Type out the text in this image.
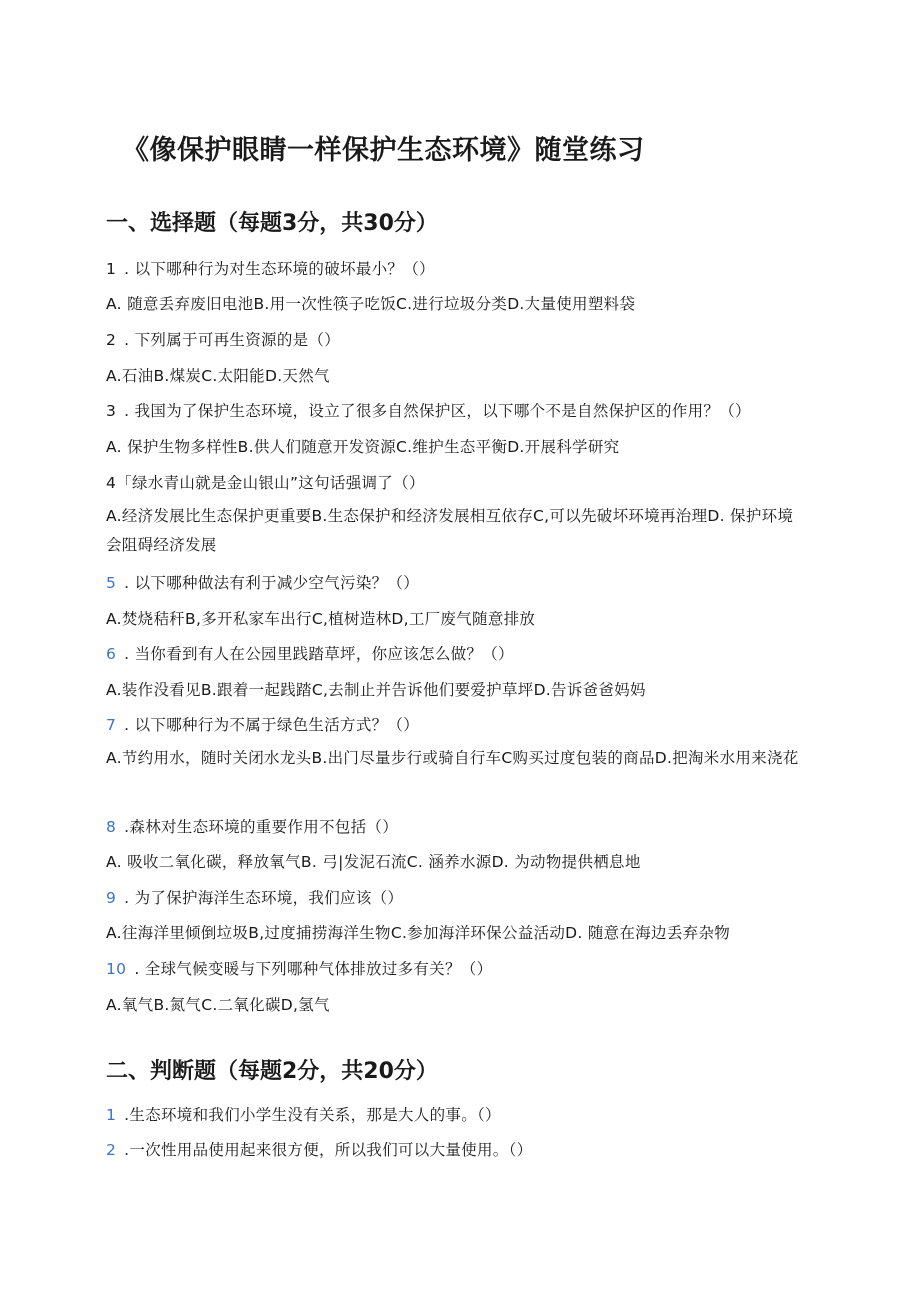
《像保护眼睛一样保护生态环境》随堂练习
一、选择题（每题3分，共30分）
1 . 以下哪种行为对生态环境的破坏最小？（）
A. 随意丢弃废旧电池B.用一次性筷子吃饭C.进行垃圾分类D.大量使用塑料袋
2 . 下列属于可再生资源的是（）
A.石油B.煤炭C.太阳能D.天然气
3 . 我国为了保护生态环境，设立了很多自然保护区，以下哪个不是自然保护区的作用？（）
A. 保护生物多样性B.供人们随意开发资源C.维护生态平衡D.开展科学研究
4「绿水青山就是金山银山”这句话强调了（）
A.经济发展比生态保护更重要B.生态保护和经济发展相互依存C,可以先破坏环境再治理D. 保护环境会阻碍经济发展
5 . 以下哪种做法有利于减少空气污染？（）
A.焚烧秸秆B,多开私家车出行C,植树造林D,工厂废气随意排放
6 . 当你看到有人在公园里践踏草坪，你应该怎么做？（）
A.装作没看见B.跟着一起践踏C,去制止并告诉他们要爱护草坪D.告诉爸爸妈妈
7 . 以下哪种行为不属于绿色生活方式？（）
A.节约用水，随时关闭水龙头B.出门尽量步行或骑自行车C购买过度包装的商品D.把淘米水用来浇花
8 .森林对生态环境的重要作用不包括（）
A. 吸收二氧化碳，释放氧气B. 弓|发泥石流C. 涵养水源D. 为动物提供栖息地
9 . 为了保护海洋生态环境，我们应该（）
A.往海洋里倾倒垃圾B,过度捕捞海洋生物C.参加海洋环保公益活动D. 随意在海边丢弃杂物
10 . 全球气候变暖与下列哪种气体排放过多有关？（）
A.氧气B.氮气C.二氧化碳D,氢气
二、判断题（每题2分，共20分）
1 .生态环境和我们小学生没有关系，那是大人的事。（）
2 .一次性用品使用起来很方便，所以我们可以大量使用。（）
